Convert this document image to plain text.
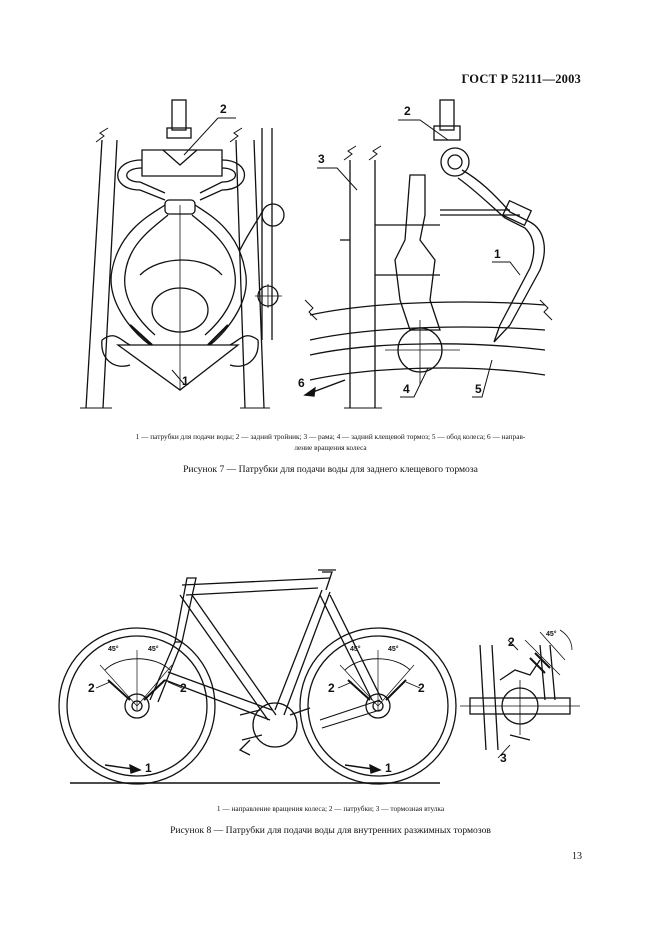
ГОСТ Р 52111—2003
2
1
3
2
1
4	5
6
1 — патрубки для подачи воды; 2 — задний тройник; 3 — рама; 4 — задний клещевой тормоз; 5 — обод колеса; 6 — направ-
ление вращения колеса
Рисунок 7 — Патрубки для подачи воды для заднего клещевого тормоза
45°	45°	45°	45°
45°
2	2	2	2
1	1
2
3
1 — направление вращения колеса; 2 — патрубки; 3 — тормозная втулка
Рисунок 8 — Патрубки для подачи воды для внутренних разжимных тормозов
13
